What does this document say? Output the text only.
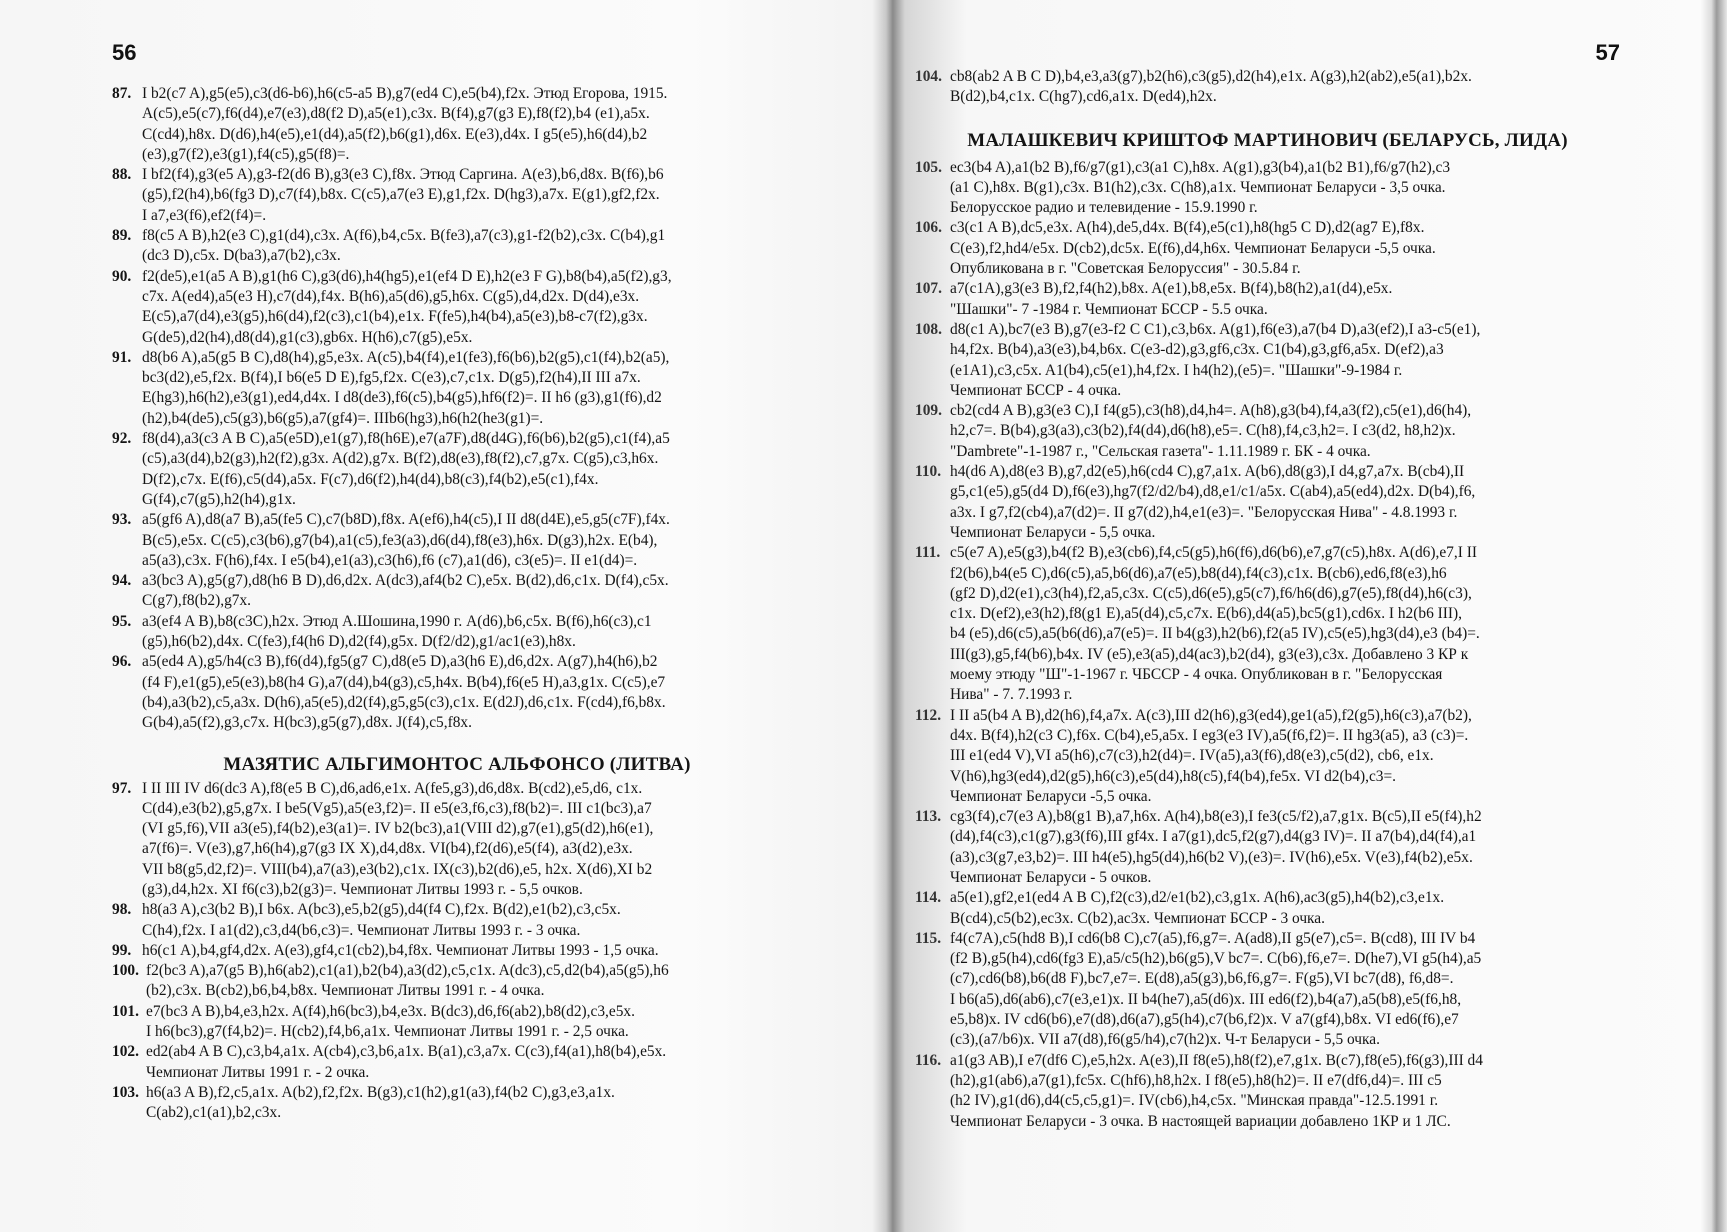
56
87. I b2(c7 A),g5(e5),c3(d6-b6),h6(c5-a5 B),g7(ed4 C),e5(b4),f2x. Этюд Егорова, 1915.
A(c5),e5(c7),f6(d4),e7(e3),d8(f2 D),a5(e1),c3x. B(f4),g7(g3 E),f8(f2),b4 (e1),a5x.
C(cd4),h8x. D(d6),h4(e5),e1(d4),a5(f2),b6(g1),d6x. E(e3),d4x. I g5(e5),h6(d4),b2
(e3),g7(f2),e3(g1),f4(c5),g5(f8)=.
88. I bf2(f4),g3(e5 A),g3-f2(d6 B),g3(e3 C),f8x. Этюд Саргина. A(e3),b6,d8x. B(f6),b6
(g5),f2(h4),b6(fg3 D),c7(f4),b8x. C(c5),a7(e3 E),g1,f2x. D(hg3),a7x. E(g1),gf2,f2x.
I a7,e3(f6),ef2(f4)=.
89. f8(c5 A B),h2(e3 C),g1(d4),c3x. A(f6),b4,c5x. B(fe3),a7(c3),g1-f2(b2),c3x. C(b4),g1
(dc3 D),c5x. D(ba3),a7(b2),c3x.
90. f2(de5),e1(a5 A B),g1(h6 C),g3(d6),h4(hg5),e1(ef4 D E),h2(e3 F G),b8(b4),a5(f2),g3,
c7x. A(ed4),a5(e3 H),c7(d4),f4x. B(h6),a5(d6),g5,h6x. C(g5),d4,d2x. D(d4),e3x.
E(c5),a7(d4),e3(g5),h6(d4),f2(c3),c1(b4),e1x. F(fe5),h4(b4),a5(e3),b8-c7(f2),g3x.
G(de5),d2(h4),d8(d4),g1(c3),gb6x. H(h6),c7(g5),e5x.
91. d8(b6 A),a5(g5 B C),d8(h4),g5,e3x. A(c5),b4(f4),e1(fe3),f6(b6),b2(g5),c1(f4),b2(a5),
bc3(d2),e5,f2x. B(f4),I b6(e5 D E),fg5,f2x. C(e3),c7,c1x. D(g5),f2(h4),II III a7x.
E(hg3),h6(h2),e3(g1),ed4,d4x. I d8(de3),f6(c5),b4(g5),hf6(f2)=. II h6 (g3),g1(f6),d2
(h2),b4(de5),c5(g3),b6(g5),a7(gf4)=. IIIb6(hg3),h6(h2(he3(g1)=.
92. f8(d4),a3(c3 A B C),a5(e5D),e1(g7),f8(h6E),e7(a7F),d8(d4G),f6(b6),b2(g5),c1(f4),a5
(c5),a3(d4),b2(g3),h2(f2),g3x. A(d2),g7x. B(f2),d8(e3),f8(f2),c7,g7x. C(g5),c3,h6x.
D(f2),c7x. E(f6),c5(d4),a5x. F(c7),d6(f2),h4(d4),b8(c3),f4(b2),e5(c1),f4x.
G(f4),c7(g5),h2(h4),g1x.
93. a5(gf6 A),d8(a7 B),a5(fe5 C),c7(b8D),f8x. A(ef6),h4(c5),I II d8(d4E),e5,g5(c7F),f4x.
B(c5),e5x. C(c5),c3(b6),g7(b4),a1(c5),fe3(a3),d6(d4),f8(e3),h6x. D(g3),h2x. E(b4),
a5(a3),c3x. F(h6),f4x. I e5(b4),e1(a3),c3(h6),f6 (c7),a1(d6), c3(e5)=. II e1(d4)=.
94. a3(bc3 A),g5(g7),d8(h6 B D),d6,d2x. A(dc3),af4(b2 C),e5x. B(d2),d6,c1x. D(f4),c5x.
C(g7),f8(b2),g7x.
95. a3(ef4 A B),b8(c3C),h2x. Этюд А.Шошина,1990 г. A(d6),b6,c5x. B(f6),h6(c3),c1
(g5),h6(b2),d4x. C(fe3),f4(h6 D),d2(f4),g5x. D(f2/d2),g1/ac1(e3),h8x.
96. a5(ed4 A),g5/h4(c3 B),f6(d4),fg5(g7 C),d8(e5 D),a3(h6 E),d6,d2x. A(g7),h4(h6),b2
(f4 F),e1(g5),e5(e3),b8(h4 G),a7(d4),b4(g3),c5,h4x. B(b4),f6(e5 H),a3,g1x. C(c5),e7
(b4),a3(b2),c5,a3x. D(h6),a5(e5),d2(f4),g5,g5(c3),c1x. E(d2J),d6,c1x. F(cd4),f6,b8x.
G(b4),a5(f2),g3,c7x. H(bc3),g5(g7),d8x. J(f4),c5,f8x.
МАЗЯТИС АЛЬГИМОНТОС АЛЬФОНСО (ЛИТВА)
97. I II III IV d6(dc3 A),f8(e5 B C),d6,ad6,e1x. A(fe5,g3),d6,d8x. B(cd2),e5,d6, c1x.
C(d4),e3(b2),g5,g7x. I be5(Vg5),a5(e3,f2)=. II e5(e3,f6,c3),f8(b2)=. III c1(bc3),a7
(VI g5,f6),VII a3(e5),f4(b2),e3(a1)=. IV b2(bc3),a1(VIII d2),g7(e1),g5(d2),h6(e1),
a7(f6)=. V(e3),g7,h6(h4),g7(g3 IX X),d4,d8x. VI(b4),f2(d6),e5(f4), a3(d2),e3x.
VII b8(g5,d2,f2)=. VIII(b4),a7(a3),e3(b2),c1x. IX(c3),b2(d6),e5, h2x. X(d6),XI b2
(g3),d4,h2x. XI f6(c3),b2(g3)=. Чемпионат Литвы 1993 г. - 5,5 очков.
98. h8(a3 A),c3(b2 B),I b6x. A(bc3),e5,b2(g5),d4(f4 C),f2x. B(d2),e1(b2),c3,c5x.
C(h4),f2x. I a1(d2),c3,d4(b6,c3)=. Чемпионат Литвы 1993 г. - 3 очка.
99. h6(c1 A),b4,gf4,d2x. A(e3),gf4,c1(cb2),b4,f8x. Чемпионат Литвы 1993 - 1,5 очка.
100. f2(bc3 A),a7(g5 B),h6(ab2),c1(a1),b2(b4),a3(d2),c5,c1x. A(dc3),c5,d2(b4),a5(g5),h6
(b2),c3x. B(cb2),b6,b4,b8x. Чемпионат Литвы 1991 г. - 4 очка.
101. e7(bc3 A B),b4,e3,h2x. A(f4),h6(bc3),b4,e3x. B(dc3),d6,f6(ab2),b8(d2),c3,e5x.
I h6(bc3),g7(f4,b2)=. H(cb2),f4,b6,a1x. Чемпионат Литвы 1991 г. - 2,5 очка.
102. ed2(ab4 A B C),c3,b4,a1x. A(cb4),c3,b6,a1x. B(a1),c3,a7x. C(c3),f4(a1),h8(b4),e5x.
Чемпионат Литвы 1991 г. - 2 очка.
103. h6(a3 A B),f2,c5,a1x. A(b2),f2,f2x. B(g3),c1(h2),g1(a3),f4(b2 C),g3,e3,a1x.
C(ab2),c1(a1),b2,c3x.
57
104. cb8(ab2 A B C D),b4,e3,a3(g7),b2(h6),c3(g5),d2(h4),e1x. A(g3),h2(ab2),e5(a1),b2x.
B(d2),b4,c1x. C(hg7),cd6,a1x. D(ed4),h2x.
МАЛАШКЕВИЧ КРИШТОФ МАРТИНОВИЧ (БЕЛАРУСЬ, ЛИДА)
105. ec3(b4 A),a1(b2 B),f6/g7(g1),c3(a1 C),h8x. A(g1),g3(b4),a1(b2 B1),f6/g7(h2),c3
(a1 C),h8x. B(g1),c3x. B1(h2),c3x. C(h8),a1x. Чемпионат Беларуси - 3,5 очка.
Белорусское радио и телевидение - 15.9.1990 г.
106. c3(c1 A B),dc5,e3x. A(h4),de5,d4x. B(f4),e5(c1),h8(hg5 C D),d2(ag7 E),f8x.
C(e3),f2,hd4/e5x. D(cb2),dc5x. E(f6),d4,h6x. Чемпионат Беларуси -5,5 очка.
Опубликована в г. "Советская Белоруссия" - 30.5.84 г.
107. a7(c1A),g3(e3 B),f2,f4(h2),b8x. A(e1),b8,e5x. B(f4),b8(h2),a1(d4),e5x.
"Шашки"- 7 -1984 г. Чемпионат БССР - 5.5 очка.
108. d8(c1 A),bc7(e3 B),g7(e3-f2 C C1),c3,b6x. A(g1),f6(e3),a7(b4 D),a3(ef2),I a3-c5(e1),
h4,f2x. B(b4),a3(e3),b4,b6x. C(e3-d2),g3,gf6,c3x. C1(b4),g3,gf6,a5x. D(ef2),a3
(e1A1),c3,c5x. A1(b4),c5(e1),h4,f2x. I h4(h2),(e5)=. "Шашки"-9-1984 г.
Чемпионат БССР - 4 очка.
109. cb2(cd4 A B),g3(e3 C),I f4(g5),c3(h8),d4,h4=. A(h8),g3(b4),f4,a3(f2),c5(e1),d6(h4),
h2,c7=. B(b4),g3(a3),c3(b2),f4(d4),d6(h8),e5=. C(h8),f4,c3,h2=. I c3(d2, h8,h2)x.
"Dambrete"-1-1987 г., "Сельская газета"- 1.11.1989 г. БК - 4 очка.
110. h4(d6 A),d8(e3 B),g7,d2(e5),h6(cd4 C),g7,a1x. A(b6),d8(g3),I d4,g7,a7x. B(cb4),II
g5,c1(e5),g5(d4 D),f6(e3),hg7(f2/d2/b4),d8,e1/c1/a5x. C(ab4),a5(ed4),d2x. D(b4),f6,
a3x. I g7,f2(cb4),a7(d2)=. II g7(d2),h4,e1(e3)=. "Белорусская Нива" - 4.8.1993 г.
Чемпионат Беларуси - 5,5 очка.
111. c5(e7 A),e5(g3),b4(f2 B),e3(cb6),f4,c5(g5),h6(f6),d6(b6),e7,g7(c5),h8x. A(d6),e7,I II
f2(b6),b4(e5 C),d6(c5),a5,b6(d6),a7(e5),b8(d4),f4(c3),c1x. B(cb6),ed6,f8(e3),h6
(gf2 D),d2(e1),c3(h4),f2,a5,c3x. C(c5),d6(e5),g5(c7),f6/h6(d6),g7(e5),f8(d4),h6(c3),
c1x. D(ef2),e3(h2),f8(g1 E),a5(d4),c5,c7x. E(b6),d4(a5),bc5(g1),cd6x. I h2(b6 III),
b4 (e5),d6(c5),a5(b6(d6),a7(e5)=. II b4(g3),h2(b6),f2(a5 IV),c5(e5),hg3(d4),e3 (b4)=.
III(g3),g5,f4(b6),b4x. IV (e5),e3(a5),d4(ac3),b2(d4), g3(e3),c3x. Добавлено 3 КР к
моему этюду "Ш"-1-1967 г. ЧБССР - 4 очка. Опубликован в г. "Белорусская
Нива" - 7. 7.1993 г.
112. I II a5(b4 A B),d2(h6),f4,a7x. A(c3),III d2(h6),g3(ed4),ge1(a5),f2(g5),h6(c3),a7(b2),
d4x. B(f4),h2(c3 C),f6x. C(b4),e5,a5x. I eg3(e3 IV),a5(f6,f2)=. II hg3(a5), a3 (c3)=.
III e1(ed4 V),VI a5(h6),c7(c3),h2(d4)=. IV(a5),a3(f6),d8(e3),c5(d2), cb6, e1x.
V(h6),hg3(ed4),d2(g5),h6(c3),e5(d4),h8(c5),f4(b4),fe5x. VI d2(b4),c3=.
Чемпионат Беларуси -5,5 очка.
113. cg3(f4),c7(e3 A),b8(g1 B),a7,h6x. A(h4),b8(e3),I fe3(c5/f2),a7,g1x. B(c5),II e5(f4),h2
(d4),f4(c3),c1(g7),g3(f6),III gf4x. I a7(g1),dc5,f2(g7),d4(g3 IV)=. II a7(b4),d4(f4),a1
(a3),c3(g7,e3,b2)=. III h4(e5),hg5(d4),h6(b2 V),(e3)=. IV(h6),e5x. V(e3),f4(b2),e5x.
Чемпионат Беларуси - 5 очков.
114. a5(e1),gf2,e1(ed4 A B C),f2(c3),d2/e1(b2),c3,g1x. A(h6),ac3(g5),h4(b2),c3,e1x.
B(cd4),c5(b2),ec3x. C(b2),ac3x. Чемпионат БССР - 3 очка.
115. f4(c7A),c5(hd8 B),I cd6(b8 C),c7(a5),f6,g7=. A(ad8),II g5(e7),c5=. B(cd8), III IV b4
(f2 B),g5(h4),cd6(fg3 E),a5/c5(h2),b6(g5),V bc7=. C(b6),f6,e7=. D(he7),VI g5(h4),a5
(c7),cd6(b8),b6(d8 F),bc7,e7=. E(d8),a5(g3),b6,f6,g7=. F(g5),VI bc7(d8), f6,d8=.
I b6(a5),d6(ab6),c7(e3,e1)x. II b4(he7),a5(d6)x. III ed6(f2),b4(a7),a5(b8),e5(f6,h8,
e5,b8)x. IV cd6(b6),e7(d8),d6(a7),g5(h4),c7(b6,f2)x. V a7(gf4),b8x. VI ed6(f6),e7
(c3),(a7/b6)x. VII a7(d8),f6(g5/h4),c7(h2)x. Ч-т Беларуси - 5,5 очка.
116. a1(g3 AB),I e7(df6 C),e5,h2x. A(e3),II f8(e5),h8(f2),e7,g1x. B(c7),f8(e5),f6(g3),III d4
(h2),g1(ab6),a7(g1),fc5x. C(hf6),h8,h2x. I f8(e5),h8(h2)=. II e7(df6,d4)=. III c5
(h2 IV),g1(d6),d4(c5,c5,g1)=. IV(cb6),h4,c5x. "Минская правда"-12.5.1991 г.
Чемпионат Беларуси - 3 очка. В настоящей вариации добавлено 1КР и 1 ЛС.
